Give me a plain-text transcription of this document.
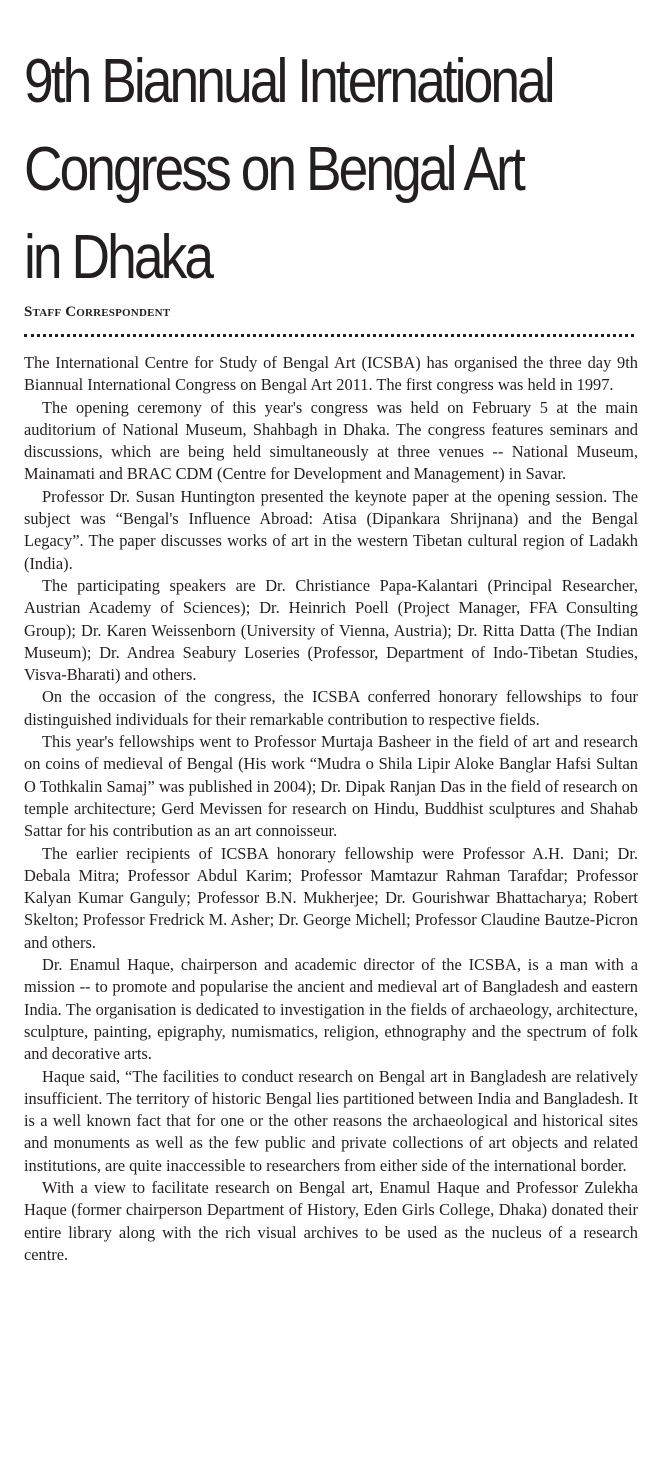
9th Biannual International
Congress on Bengal Art
in Dhaka
Staff Correspondent

The International Centre for Study of Bengal Art (ICSBA) has organised the three day 9th Biannual International Congress on Bengal Art 2011. The first congress was held in 1997.

The opening ceremony of this year's congress was held on February 5 at the main auditorium of National Museum, Shahbagh in Dhaka. The congress features seminars and discussions, which are being held simultaneously at three venues -- National Museum, Mainamati and BRAC CDM (Centre for Development and Management) in Savar.

Professor Dr. Susan Huntington presented the keynote paper at the opening session. The subject was “Bengal's Influence Abroad: Atisa (Dipankara Shrijnana) and the Bengal Legacy”. The paper discusses works of art in the western Tibetan cultural region of Ladakh (India).

The participating speakers are Dr. Christiance Papa-Kalantari (Principal Researcher, Austrian Academy of Sciences); Dr. Heinrich Poell (Project Manager, FFA Consulting Group); Dr. Karen Weissenborn (University of Vienna, Austria); Dr. Ritta Datta (The Indian Museum); Dr. Andrea Seabury Loseries (Professor, Department of Indo-Tibetan Studies, Visva-Bharati) and others.

On the occasion of the congress, the ICSBA conferred honorary fellowships to four distinguished individuals for their remarkable contribution to respective fields.

This year's fellowships went to Professor Murtaja Basheer in the field of art and research on coins of medieval of Bengal (His work “Mudra o Shila Lipir Aloke Banglar Hafsi Sultan O Tothkalin Samaj” was published in 2004); Dr. Dipak Ranjan Das in the field of research on temple architecture; Gerd Mevissen for research on Hindu, Buddhist sculptures and Shahab Sattar for his contribution as an art connoisseur.

The earlier recipients of ICSBA honorary fellowship were Professor A.H. Dani; Dr. Debala Mitra; Professor Abdul Karim; Professor Mamtazur Rahman Tarafdar; Professor Kalyan Kumar Ganguly; Professor B.N. Mukherjee; Dr. Gourishwar Bhattacharya; Robert Skelton; Professor Fredrick M. Asher; Dr. George Michell; Professor Claudine Bautze-Picron and others.

Dr. Enamul Haque, chairperson and academic director of the ICSBA, is a man with a mission -- to promote and popularise the ancient and medieval art of Bangladesh and eastern India. The organisation is dedicated to investigation in the fields of archaeology, architecture, sculpture, painting, epigraphy, numismatics, religion, ethnography and the spectrum of folk and decorative arts.

Haque said, “The facilities to conduct research on Bengal art in Bangladesh are relatively insufficient. The territory of historic Bengal lies partitioned between India and Bangladesh. It is a well known fact that for one or the other reasons the archaeological and historical sites and monuments as well as the few public and private collections of art objects and related institutions, are quite inaccessible to researchers from either side of the international border.

With a view to facilitate research on Bengal art, Enamul Haque and Professor Zulekha Haque (former chairperson Department of History, Eden Girls College, Dhaka) donated their entire library along with the rich visual archives to be used as the nucleus of a research centre.
